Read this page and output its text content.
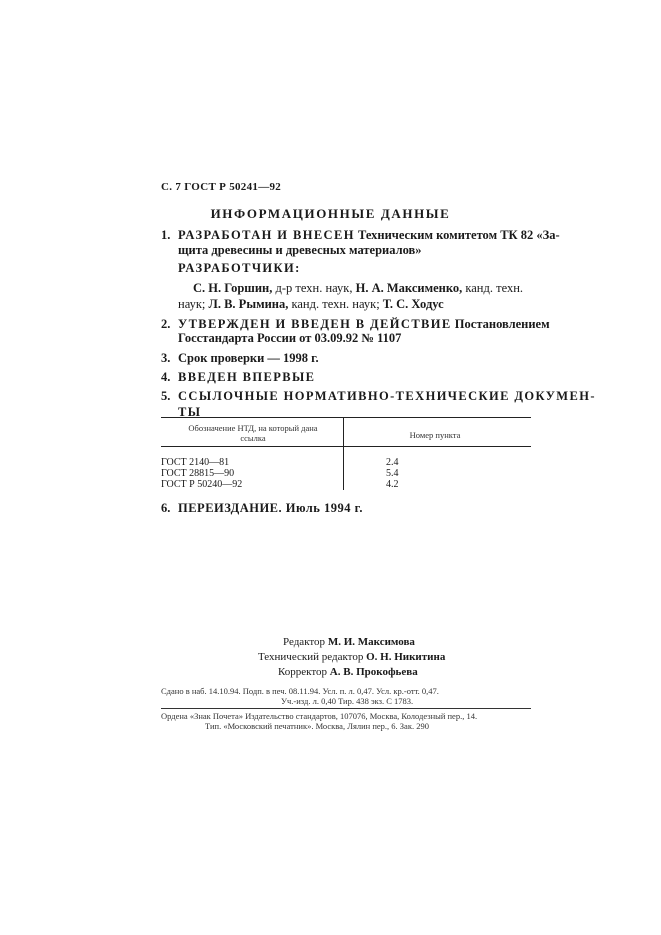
С. 7 ГОСТ Р 50241—92
ИНФОРМАЦИОННЫЕ ДАННЫЕ
1. РАЗРАБОТАН И ВНЕСЕН Техническим комитетом ТК 82 «За-
щита древесины и древесных материалов»
РАЗРАБОТЧИКИ:
С. Н. Горшин, д-р техн. наук, Н. А. Максименко, канд. техн.
наук; Л. В. Рымина, канд. техн. наук; Т. С. Ходус
2. УТВЕРЖДЕН И ВВЕДЕН В ДЕЙСТВИЕ Постановлением
Госстандарта России от 03.09.92 № 1107
3. Срок проверки — 1998 г.
4. ВВЕДЕН ВПЕРВЫЕ
5. ССЫЛОЧНЫЕ НОРМАТИВНО-ТЕХНИЧЕСКИЕ ДОКУМЕН-
ТЫ
Обозначение НТД, на который дана ссылка	Номер пункта
ГОСТ 2140—81	2.4
ГОСТ 28815—90	5.4
ГОСТ Р 50240—92	4.2
6. ПЕРЕИЗДАНИЕ. Июль 1994 г.
Редактор М. И. Максимова
Технический редактор О. Н. Никитина
Корректор А. В. Прокофьева
Сдано в наб. 14.10.94. Подп. в печ. 08.11.94. Усл. п. л. 0,47. Усл. кр.-отт. 0,47.
Уч.-изд. л. 0,40 Тир. 438 экз. С 1783.
Ордена «Знак Почета» Издательство стандартов, 107076, Москва, Колодезный пер., 14.
Тип. «Московский печатник». Москва, Лялин пер., 6. Зак. 290
